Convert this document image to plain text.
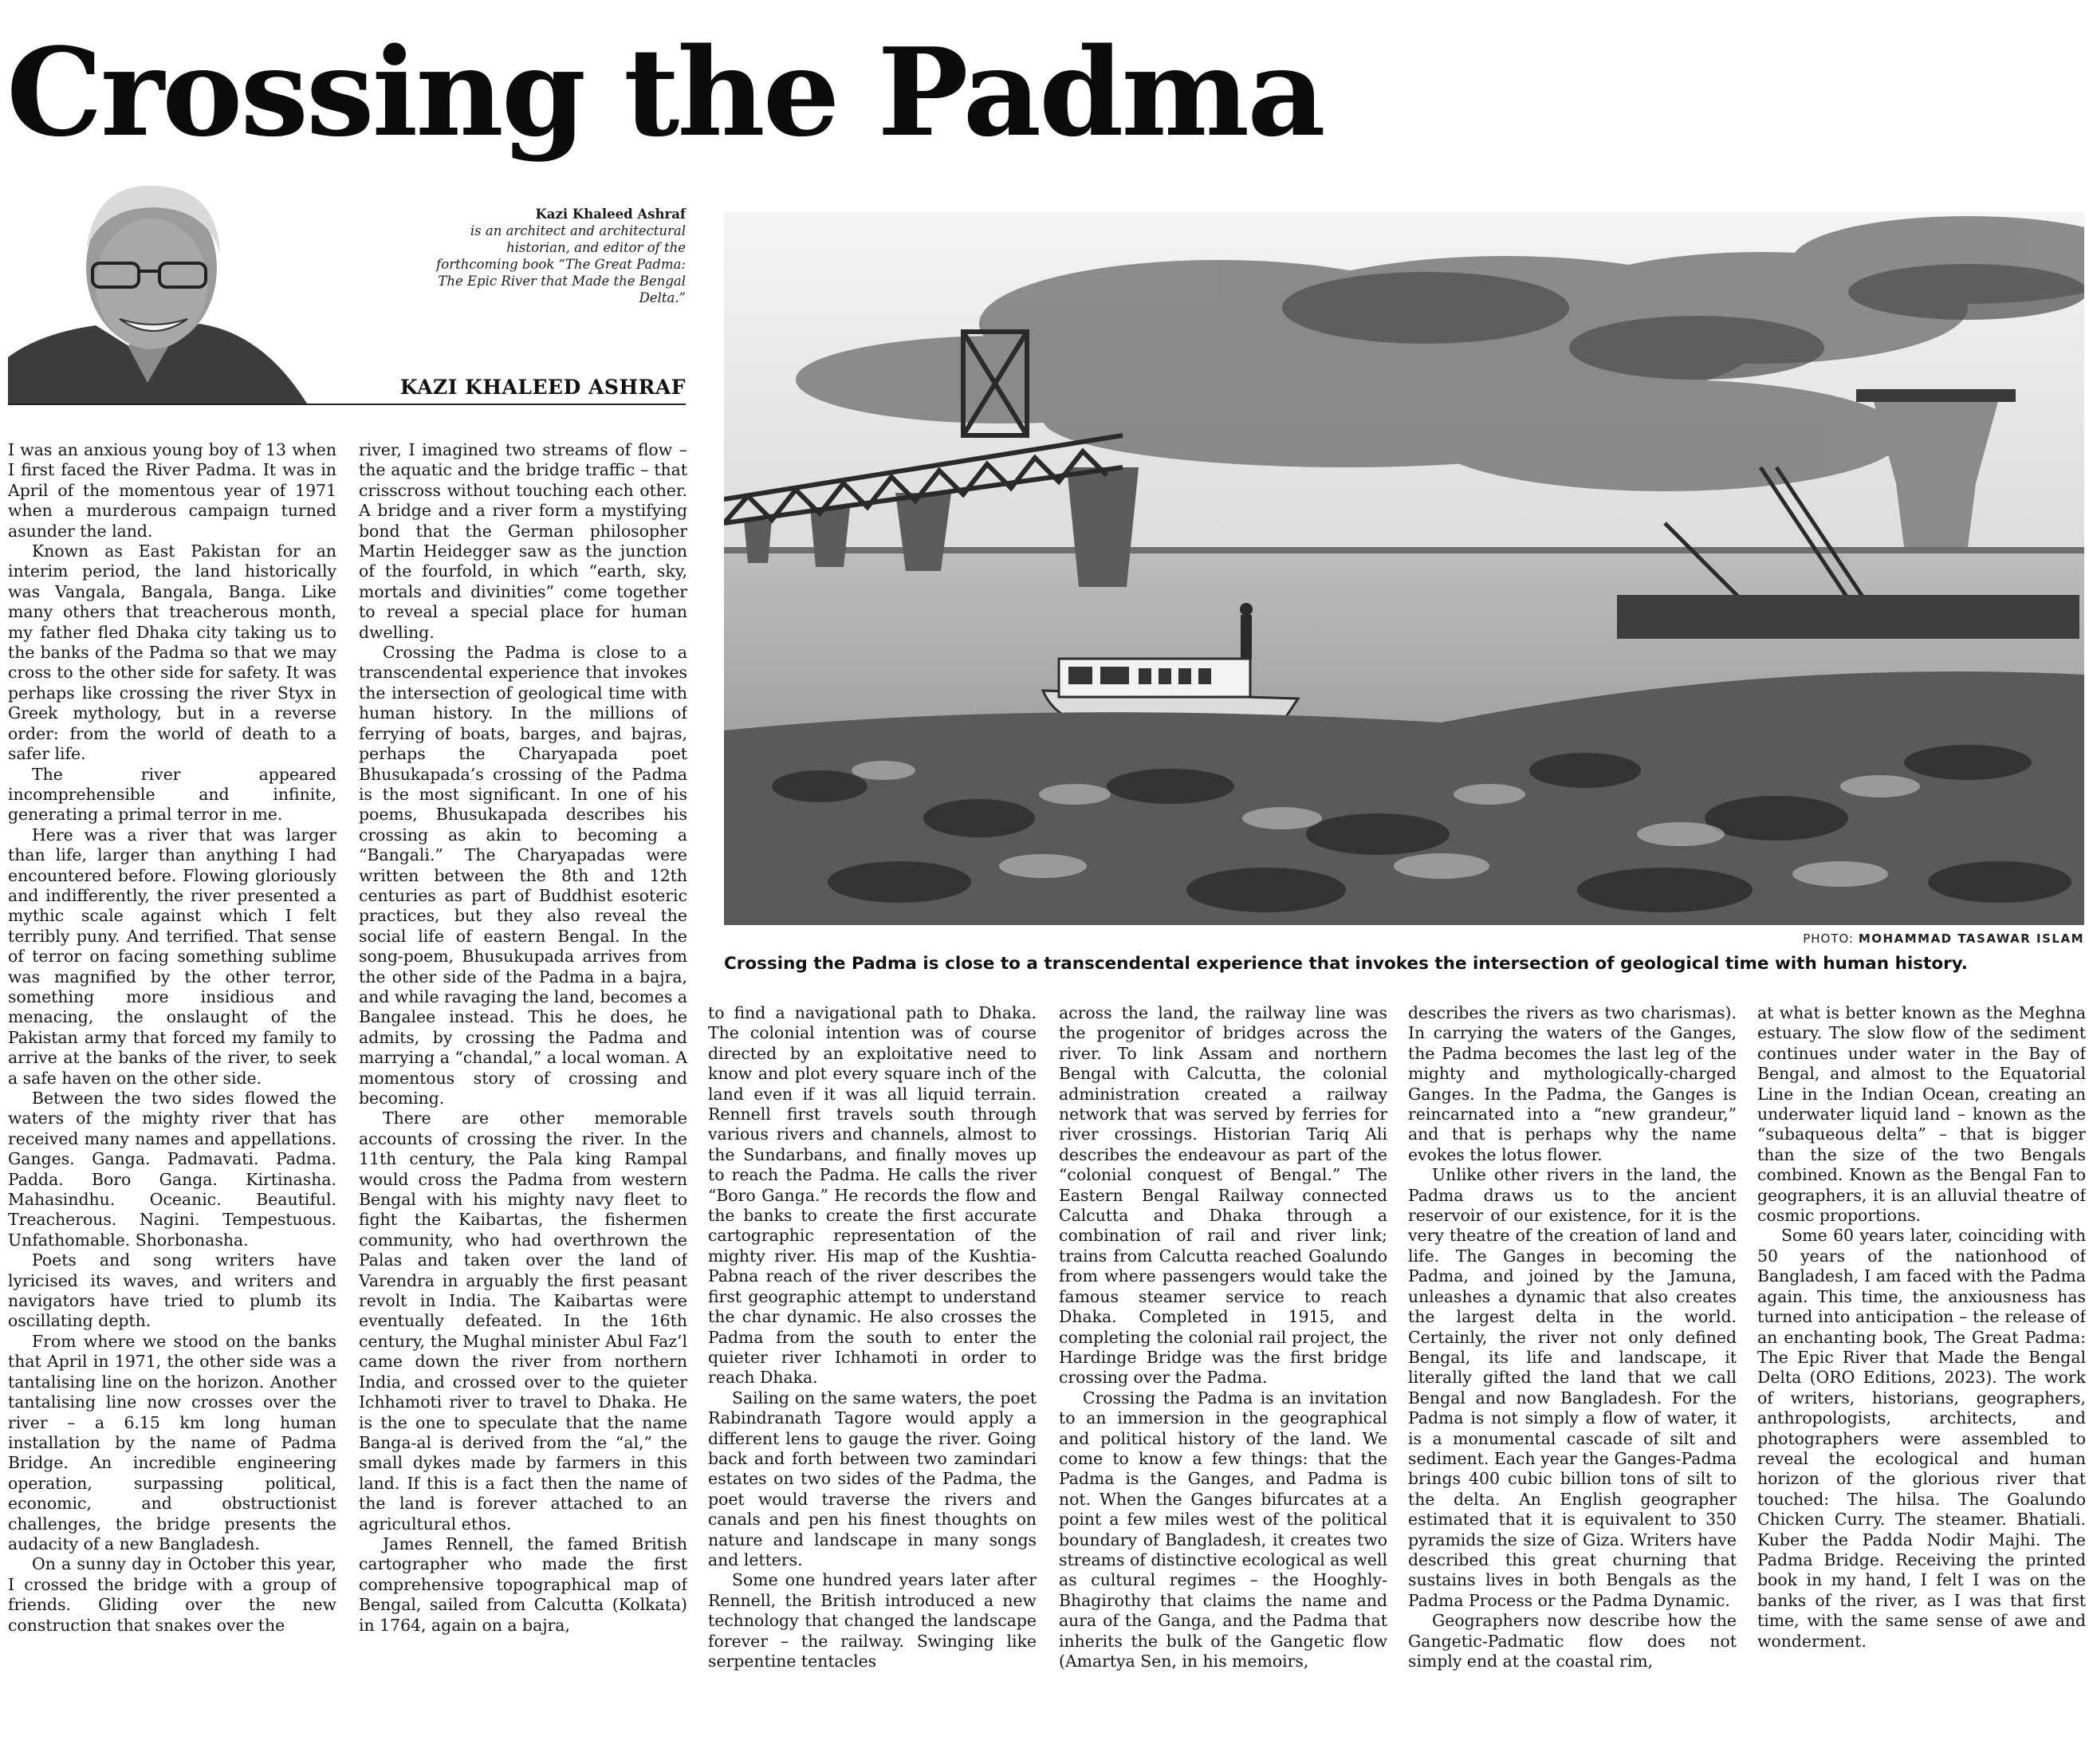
Crossing the Padma
Kazi Khaleed Ashraf
is an architect and architectural historian, and editor of the forthcoming book “The Great Padma: The Epic River that Made the Bengal Delta.”
KAZI KHALEED ASHRAF
PHOTO: MOHAMMAD TASAWAR ISLAM
Crossing the Padma is close to a transcendental experience that invokes the intersection of geological time with human history.

I was an anxious young boy of 13 when I first faced the River Padma. It was in April of the momentous year of 1971 when a murderous campaign turned asunder the land.

Known as East Pakistan for an interim period, the land historically was Vangala, Bangala, Banga. Like many others that treacherous month, my father fled Dhaka city taking us to the banks of the Padma so that we may cross to the other side for safety. It was perhaps like crossing the river Styx in Greek mythology, but in a reverse order: from the world of death to a safer life.

The river appeared incomprehensible and infinite, generating a primal terror in me.

Here was a river that was larger than life, larger than anything I had encountered before. Flowing gloriously and indifferently, the river presented a mythic scale against which I felt terribly puny. And terrified. That sense of terror on facing something sublime was magnified by the other terror, something more insidious and menacing, the onslaught of the Pakistan army that forced my family to arrive at the banks of the river, to seek a safe haven on the other side.

Between the two sides flowed the waters of the mighty river that has received many names and appellations. Ganges. Ganga. Padmavati. Padma. Padda. Boro Ganga. Kirtinasha. Mahasindhu. Oceanic. Beautiful. Treacherous. Nagini. Tempestuous. Unfathomable. Shorbonasha.

Poets and song writers have lyricised its waves, and writers and navigators have tried to plumb its oscillating depth.

From where we stood on the banks that April in 1971, the other side was a tantalising line on the horizon. Another tantalising line now crosses over the river – a 6.15 km long human installation by the name of Padma Bridge. An incredible engineering operation, surpassing political, economic, and obstructionist challenges, the bridge presents the audacity of a new Bangladesh.

On a sunny day in October this year, I crossed the bridge with a group of friends. Gliding over the new construction that snakes over the

river, I imagined two streams of flow – the aquatic and the bridge traffic – that crisscross without touching each other. A bridge and a river form a mystifying bond that the German philosopher Martin Heidegger saw as the junction of the fourfold, in which “earth, sky, mortals and divinities” come together to reveal a special place for human dwelling.

Crossing the Padma is close to a transcendental experience that invokes the intersection of geological time with human history. In the millions of ferrying of boats, barges, and bajras, perhaps the Charyapada poet Bhusukapada’s crossing of the Padma is the most significant. In one of his poems, Bhusukapada describes his crossing as akin to becoming a “Bangali.” The Charyapadas were written between the 8th and 12th centuries as part of Buddhist esoteric practices, but they also reveal the social life of eastern Bengal. In the song-poem, Bhusukupada arrives from the other side of the Padma in a bajra, and while ravaging the land, becomes a Bangalee instead. This he does, he admits, by crossing the Padma and marrying a “chandal,” a local woman. A momentous story of crossing and becoming.

There are other memorable accounts of crossing the river. In the 11th century, the Pala king Rampal would cross the Padma from western Bengal with his mighty navy fleet to fight the Kaibartas, the fishermen community, who had overthrown the Palas and taken over the land of Varendra in arguably the first peasant revolt in India. The Kaibartas were eventually defeated. In the 16th century, the Mughal minister Abul Faz’l came down the river from northern India, and crossed over to the quieter Ichhamoti river to travel to Dhaka. He is the one to speculate that the name Banga-al is derived from the “al,” the small dykes made by farmers in this land. If this is a fact then the name of the land is forever attached to an agricultural ethos.

James Rennell, the famed British cartographer who made the first comprehensive topographical map of Bengal, sailed from Calcutta (Kolkata) in 1764, again on a bajra,

to find a navigational path to Dhaka. The colonial intention was of course directed by an exploitative need to know and plot every square inch of the land even if it was all liquid terrain. Rennell first travels south through various rivers and channels, almost to the Sundarbans, and finally moves up to reach the Padma. He calls the river “Boro Ganga.” He records the flow and the banks to create the first accurate cartographic representation of the mighty river. His map of the Kushtia-Pabna reach of the river describes the first geographic attempt to understand the char dynamic. He also crosses the Padma from the south to enter the quieter river Ichhamoti in order to reach Dhaka.

Sailing on the same waters, the poet Rabindranath Tagore would apply a different lens to gauge the river. Going back and forth between two zamindari estates on two sides of the Padma, the poet would traverse the rivers and canals and pen his finest thoughts on nature and landscape in many songs and letters.

Some one hundred years later after Rennell, the British introduced a new technology that changed the landscape forever – the railway. Swinging like serpentine tentacles

across the land, the railway line was the progenitor of bridges across the river. To link Assam and northern Bengal with Calcutta, the colonial administration created a railway network that was served by ferries for river crossings. Historian Tariq Ali describes the endeavour as part of the “colonial conquest of Bengal.” The Eastern Bengal Railway connected Calcutta and Dhaka through a combination of rail and river link; trains from Calcutta reached Goalundo from where passengers would take the famous steamer service to reach Dhaka. Completed in 1915, and completing the colonial rail project, the Hardinge Bridge was the first bridge crossing over the Padma.

Crossing the Padma is an invitation to an immersion in the geographical and political history of the land. We come to know a few things: that the Padma is the Ganges, and Padma is not. When the Ganges bifurcates at a point a few miles west of the political boundary of Bangladesh, it creates two streams of distinctive ecological as well as cultural regimes – the Hooghly-Bhagirothy that claims the name and aura of the Ganga, and the Padma that inherits the bulk of the Gangetic flow (Amartya Sen, in his memoirs,

describes the rivers as two charismas). In carrying the waters of the Ganges, the Padma becomes the last leg of the mighty and mythologically-charged Ganges. In the Padma, the Ganges is reincarnated into a “new grandeur,” and that is perhaps why the name evokes the lotus flower.

Unlike other rivers in the land, the Padma draws us to the ancient reservoir of our existence, for it is the very theatre of the creation of land and life. The Ganges in becoming the Padma, and joined by the Jamuna, unleashes a dynamic that also creates the largest delta in the world. Certainly, the river not only defined Bengal, its life and landscape, it literally gifted the land that we call Bengal and now Bangladesh. For the Padma is not simply a flow of water, it is a monumental cascade of silt and sediment. Each year the Ganges-Padma brings 400 cubic billion tons of silt to the delta. An English geographer estimated that it is equivalent to 350 pyramids the size of Giza. Writers have described this great churning that sustains lives in both Bengals as the Padma Process or the Padma Dynamic.

Geographers now describe how the Gangetic-Padmatic flow does not simply end at the coastal rim,

at what is better known as the Meghna estuary. The slow flow of the sediment continues under water in the Bay of Bengal, and almost to the Equatorial Line in the Indian Ocean, creating an underwater liquid land – known as the “subaqueous delta” – that is bigger than the size of the two Bengals combined. Known as the Bengal Fan to geographers, it is an alluvial theatre of cosmic proportions.

Some 60 years later, coinciding with 50 years of the nationhood of Bangladesh, I am faced with the Padma again. This time, the anxiousness has turned into anticipation – the release of an enchanting book, The Great Padma: The Epic River that Made the Bengal Delta (ORO Editions, 2023). The work of writers, historians, geographers, anthropologists, architects, and photographers were assembled to reveal the ecological and human horizon of the glorious river that touched: The hilsa. The Goalundo Chicken Curry. The steamer. Bhatiali. Kuber the Padda Nodir Majhi. The Padma Bridge. Receiving the printed book in my hand, I felt I was on the banks of the river, as I was that first time, with the same sense of awe and wonderment.
